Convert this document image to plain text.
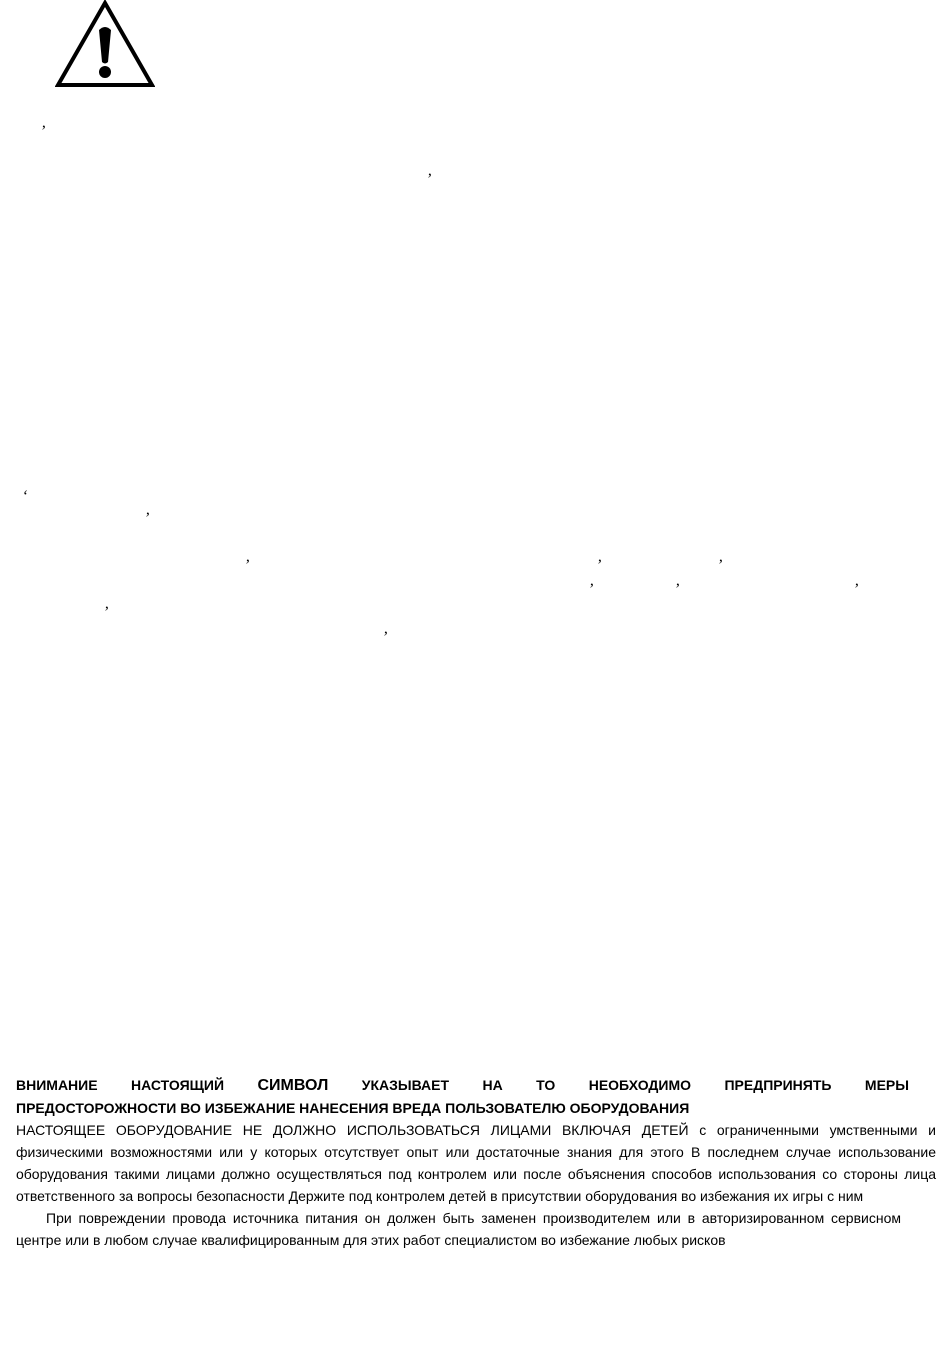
’
’
‘
’
’	’	’
’	’	’
’
’
ВНИМАНИЕ НАСТОЯЩИЙ СИМВОЛ УКАЗЫВАЕТ НА ТО НЕОБХОДИМО ПРЕДПРИНЯТЬ МЕРЫ
ПРЕДОСТОРОЖНОСТИ ВО ИЗБЕЖАНИЕ НАНЕСЕНИЯ ВРЕДА ПОЛЬЗОВАТЕЛЮ ОБОРУДОВАНИЯ
НАСТОЯЩЕЕ ОБОРУДОВАНИЕ НЕ ДОЛЖНО ИСПОЛЬЗОВАТЬСЯ ЛИЦАМИ ВКЛЮЧАЯ ДЕТЕЙ с ограниченными умственными и физическими возможностями или у которых отсутствует опыт или достаточные знания для этого В последнем случае использование оборудования такими лицами должно осуществляться под контролем или после объяснения способов использования со стороны лица ответственного за вопросы безопасности Держите под контролем детей в присутствии оборудования во избежания их игры с ним
При повреждении провода источника питания он должен быть заменен производителем или в авторизированном сервисном центре или в любом случае квалифицированным для этих работ специалистом во избежание любых рисков
